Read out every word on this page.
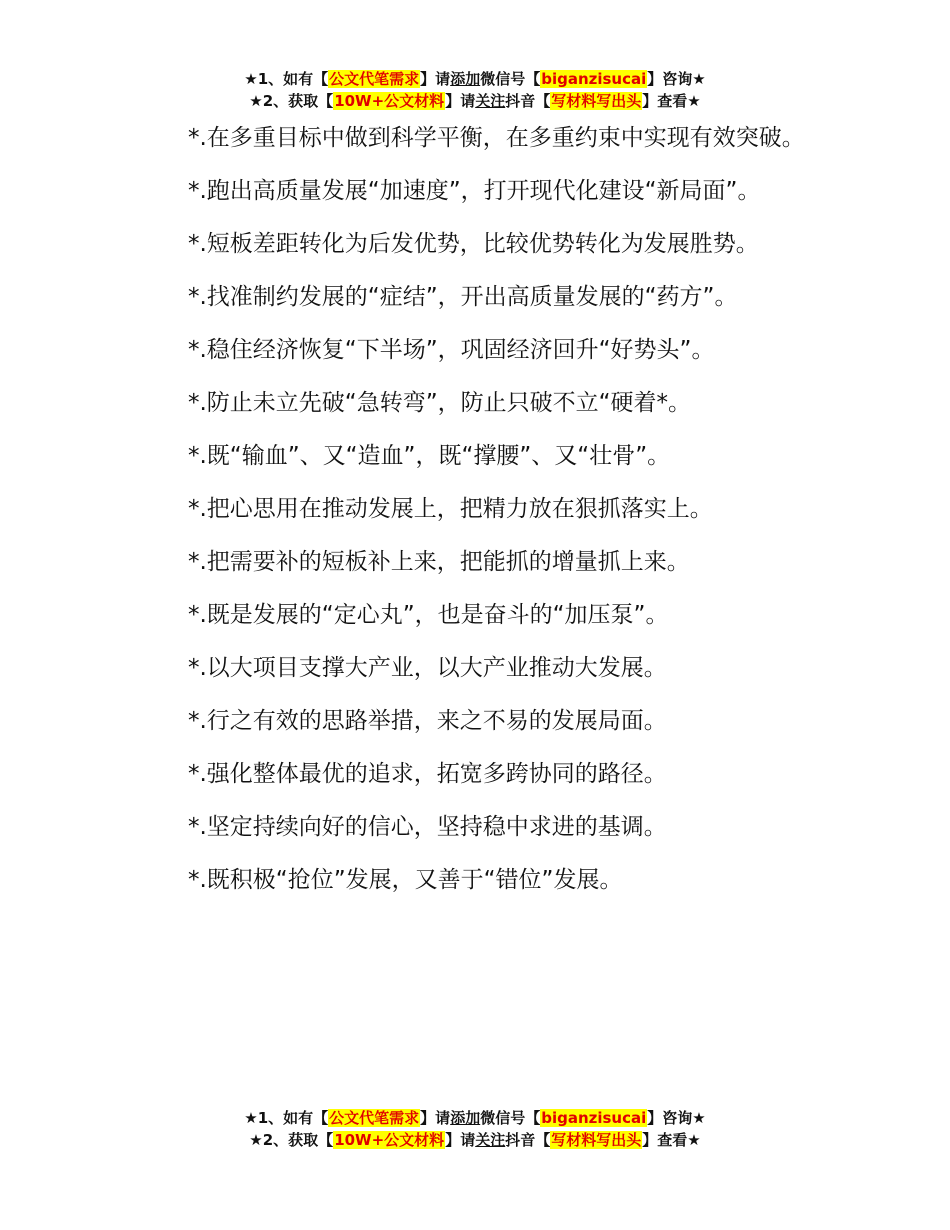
★1、如有【公文代笔需求】请添加微信号【biganzisucai】咨询★
★2、获取【10W+公文材料】请关注抖音【写材料写出头】查看★

*.在多重目标中做到科学平衡，在多重约束中实现有效突破。

*.跑出高质量发展“加速度”，打开现代化建设“新局面”。

*.短板差距转化为后发优势，比较优势转化为发展胜势。

*.找准制约发展的“症结”，开出高质量发展的“药方”。

*.稳住经济恢复“下半场”，巩固经济回升“好势头”。

*.防止未立先破“急转弯”，防止只破不立“硬着*。

*.既“输血”、又“造血”，既“撑腰”、又“壮骨”。

*.把心思用在推动发展上，把精力放在狠抓落实上。

*.把需要补的短板补上来，把能抓的增量抓上来。

*.既是发展的“定心丸”，也是奋斗的“加压泵”。

*.以大项目支撑大产业，以大产业推动大发展。

*.行之有效的思路举措，来之不易的发展局面。

*.强化整体最优的追求，拓宽多跨协同的路径。

*.坚定持续向好的信心，坚持稳中求进的基调。

*.既积极“抢位”发展，又善于“错位”发展。

★1、如有【公文代笔需求】请添加微信号【biganzisucai】咨询★
★2、获取【10W+公文材料】请关注抖音【写材料写出头】查看★
